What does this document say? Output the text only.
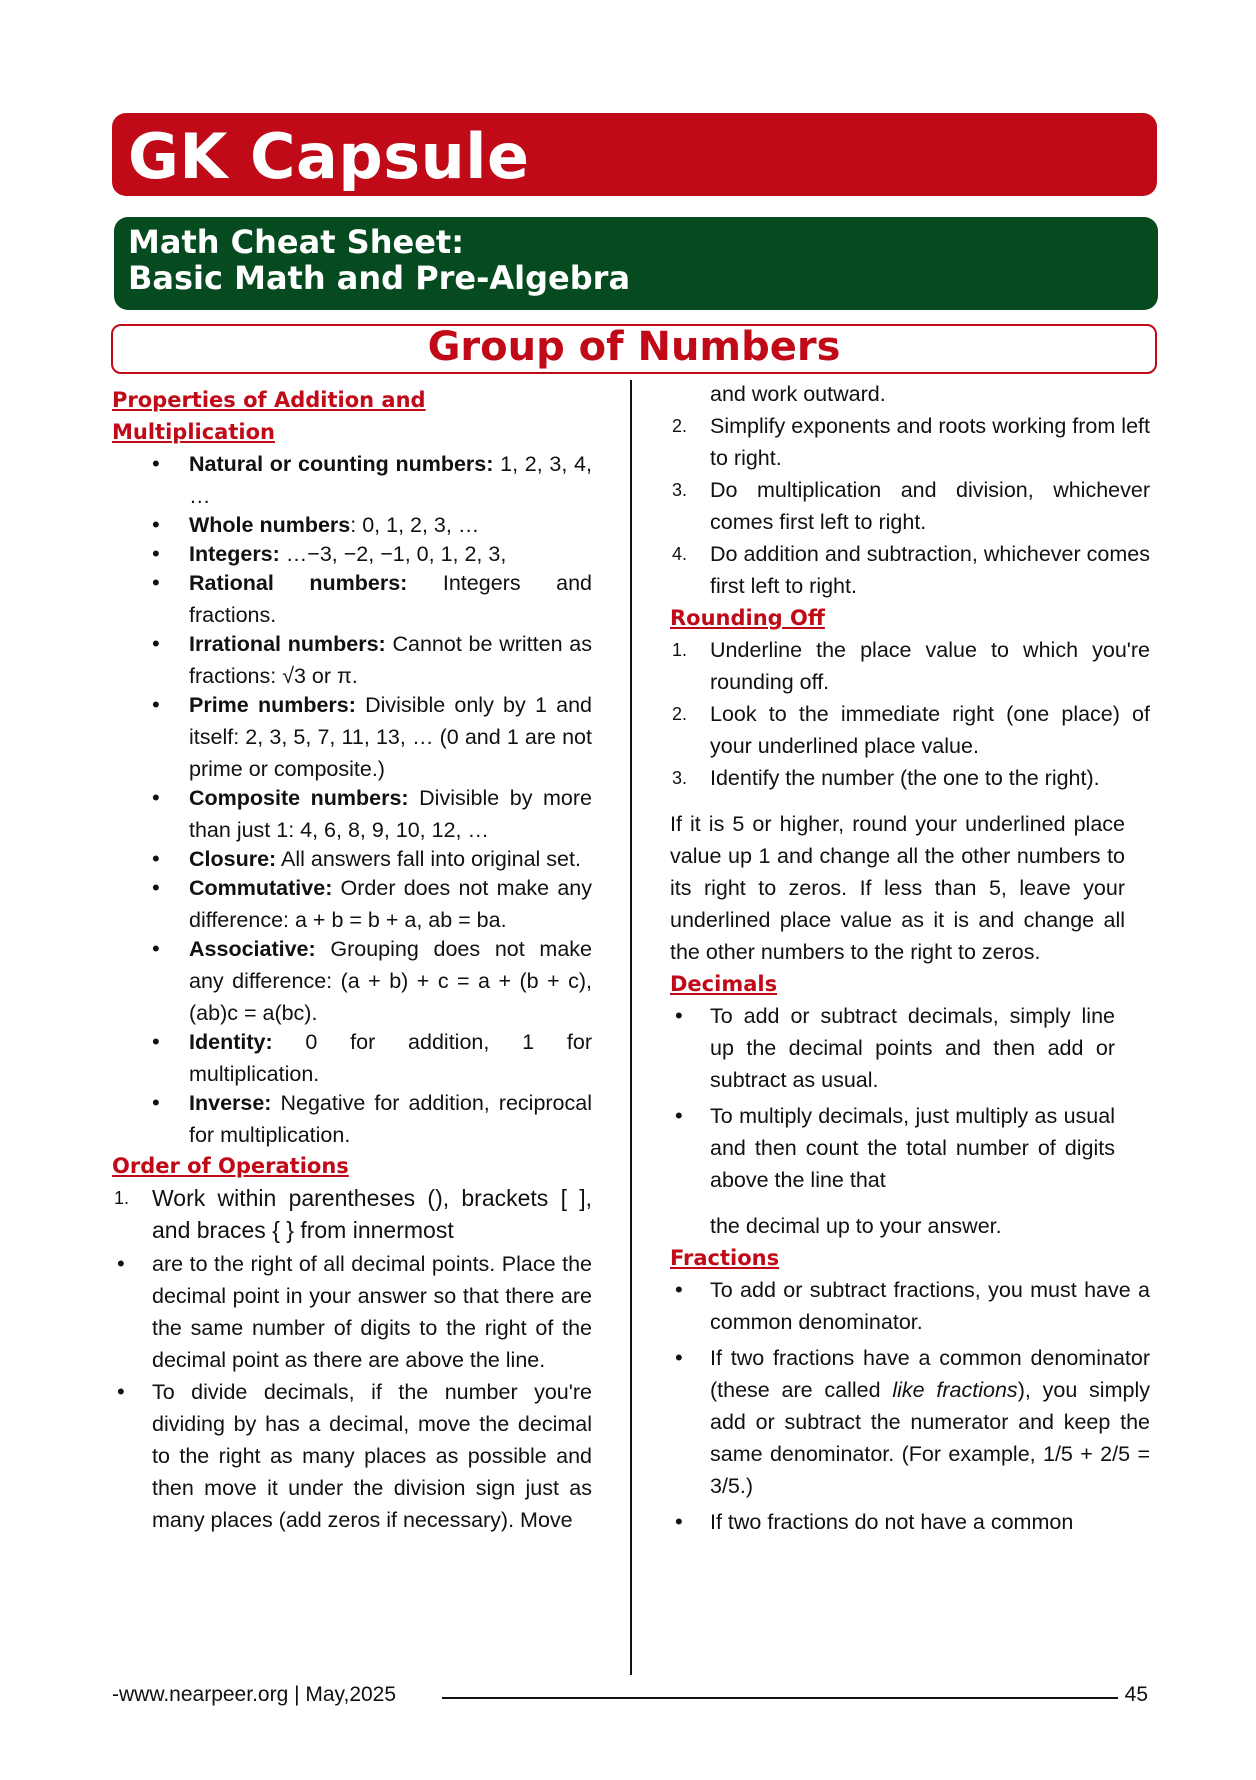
GK Capsule
Math Cheat Sheet:
Basic Math and Pre-Algebra
Group of Numbers
Properties of Addition and Multiplication
• Natural or counting numbers: 1, 2, 3, 4, …
• Whole numbers: 0, 1, 2, 3, …
• Integers: …−3, −2, −1, 0, 1, 2, 3,
• Rational numbers: Integers and fractions.
• Irrational numbers: Cannot be written as fractions: √3 or π.
• Prime numbers: Divisible only by 1 and itself: 2, 3, 5, 7, 11, 13, … (0 and 1 are not prime or composite.)
• Composite numbers: Divisible by more than just 1: 4, 6, 8, 9, 10, 12, …
• Closure: All answers fall into original set.
• Commutative: Order does not make any difference: a + b = b + a, ab = ba.
• Associative: Grouping does not make any difference: (a + b) + c = a + (b + c), (ab)c = a(bc).
• Identity: 0 for addition, 1 for multiplication.
• Inverse: Negative for addition, reciprocal for multiplication.
Order of Operations
1. Work within parentheses (), brackets [ ], and braces { } from innermost
• are to the right of all decimal points. Place the decimal point in your answer so that there are the same number of digits to the right of the decimal point as there are above the line.
• To divide decimals, if the number you're dividing by has a decimal, move the decimal to the right as many places as possible and then move it under the division sign just as many places (add zeros if necessary). Move
and work outward.
2. Simplify exponents and roots working from left to right.
3. Do multiplication and division, whichever comes first left to right.
4. Do addition and subtraction, whichever comes first left to right.
Rounding Off
1. Underline the place value to which you're rounding off.
2. Look to the immediate right (one place) of your underlined place value.
3. Identify the number (the one to the right).
If it is 5 or higher, round your underlined place value up 1 and change all the other numbers to its right to zeros. If less than 5, leave your underlined place value as it is and change all the other numbers to the right to zeros.
Decimals
• To add or subtract decimals, simply line up the decimal points and then add or subtract as usual.
• To multiply decimals, just multiply as usual and then count the total number of digits above the line that
the decimal up to your answer.
Fractions
• To add or subtract fractions, you must have a common denominator.
• If two fractions have a common denominator (these are called like fractions), you simply add or subtract the numerator and keep the same denominator. (For example, 1/5 + 2/5 = 3/5.)
• If two fractions do not have a common
-www.nearpeer.org | May,2025	45
